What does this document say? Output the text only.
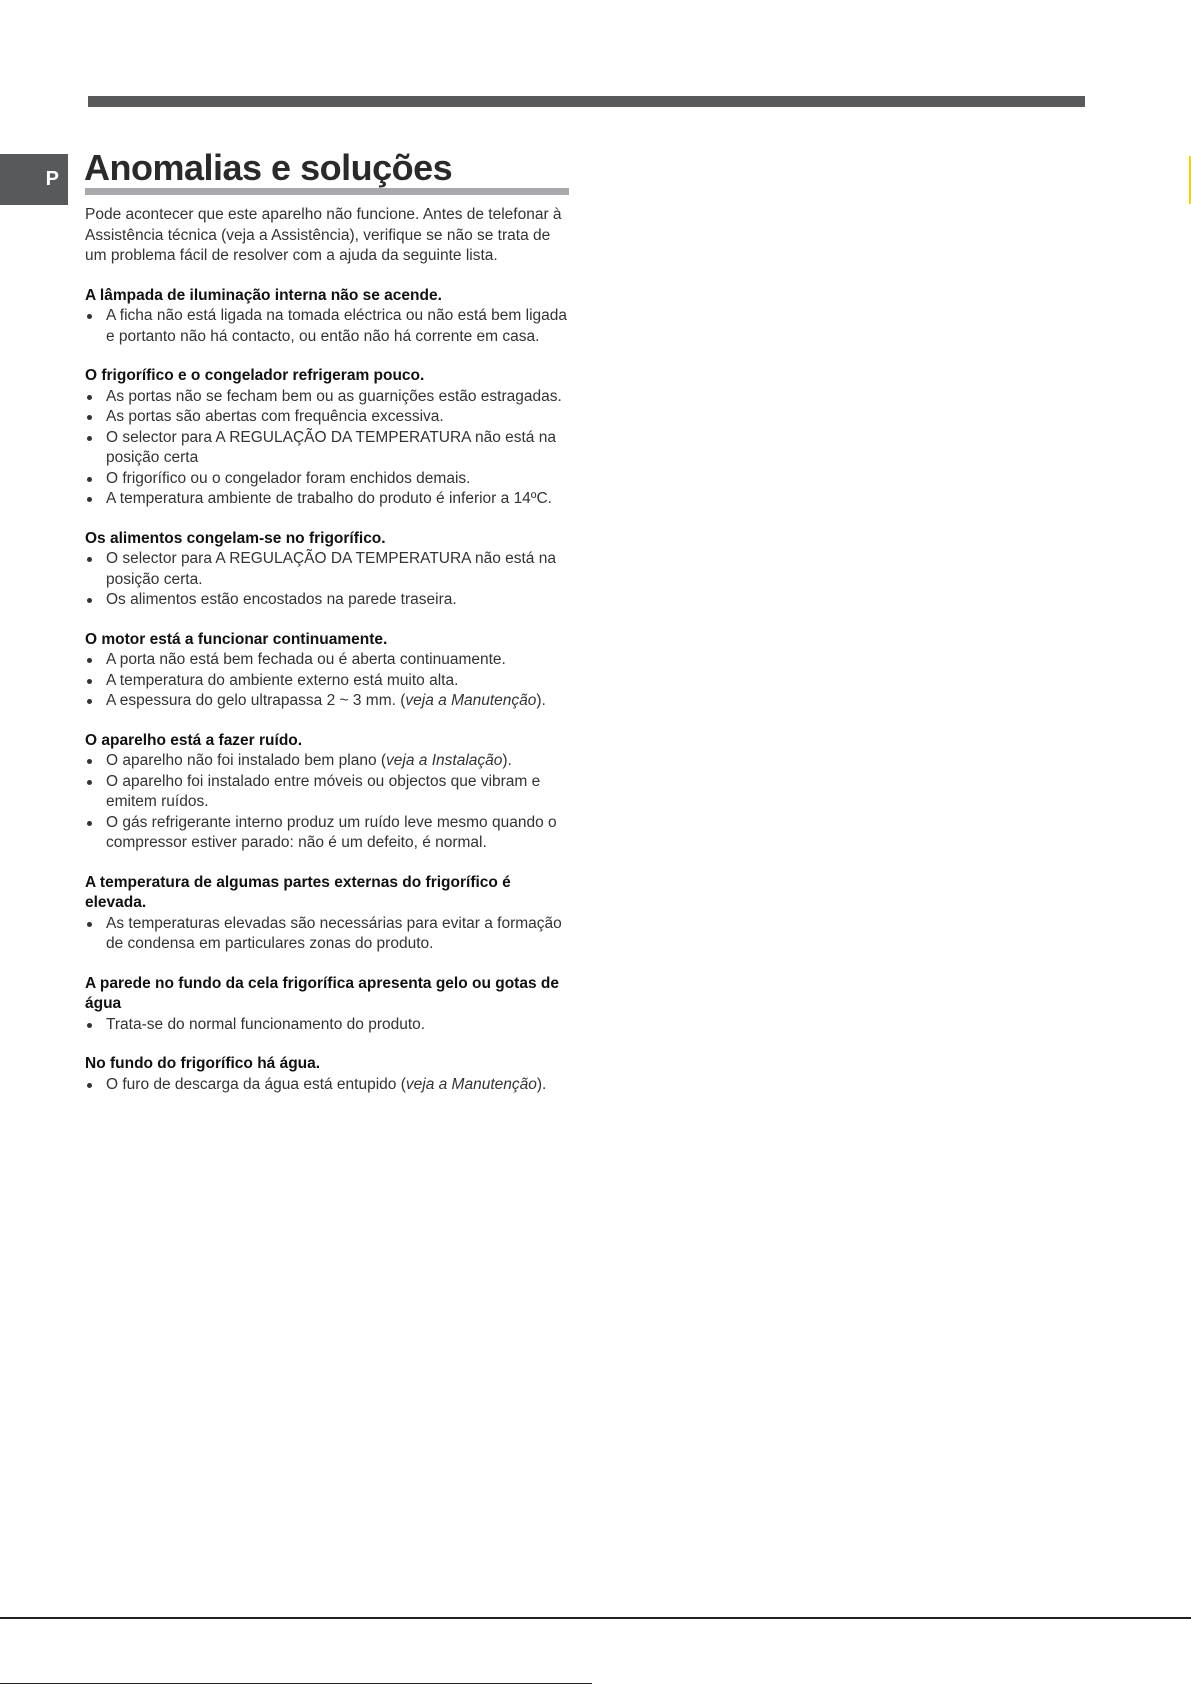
P Anomalias e soluções

Pode acontecer que este aparelho não funcione. Antes de telefonar à Assistência técnica (veja a Assistência), verifique se não se trata de um problema fácil de resolver com a ajuda da seguinte lista.

A lâmpada de iluminação interna não se acende.
A ficha não está ligada na tomada eléctrica ou não está bem ligada e portanto não há contacto, ou então não há corrente em casa.
O frigorífico e o congelador refrigeram pouco.
As portas não se fecham bem ou as guarnições estão estragadas.
As portas são abertas com frequência excessiva.
O selector para A REGULAÇÃO DA TEMPERATURA não está na posição certa
O frigorífico ou o congelador foram enchidos demais.
A temperatura ambiente de trabalho do produto é inferior a 14ºC.
Os alimentos congelam-se no frigorífico.
O selector para A REGULAÇÃO DA TEMPERATURA não está na posição certa.
Os alimentos estão encostados na parede traseira.
O motor está a funcionar continuamente.
A porta não está bem fechada ou é aberta continuamente.
A temperatura do ambiente externo está muito alta.
A espessura do gelo ultrapassa 2 ~ 3 mm. (veja a Manutenção).
O aparelho está a fazer ruído.
O aparelho não foi instalado bem plano (veja a Instalação).
O aparelho foi instalado entre móveis ou objectos que vibram e emitem ruídos.
O gás refrigerante interno produz um ruído leve mesmo quando o compressor estiver parado: não é um defeito, é normal.
A temperatura de algumas partes externas do frigorífico é elevada.
As temperaturas elevadas são necessárias para evitar a formação de condensa em particulares zonas do produto.
A parede no fundo da cela frigorífica apresenta gelo ou gotas de água
Trata-se do normal funcionamento do produto.
No fundo do frigorífico há água.
O furo de descarga da água está entupido (veja a Manutenção).
